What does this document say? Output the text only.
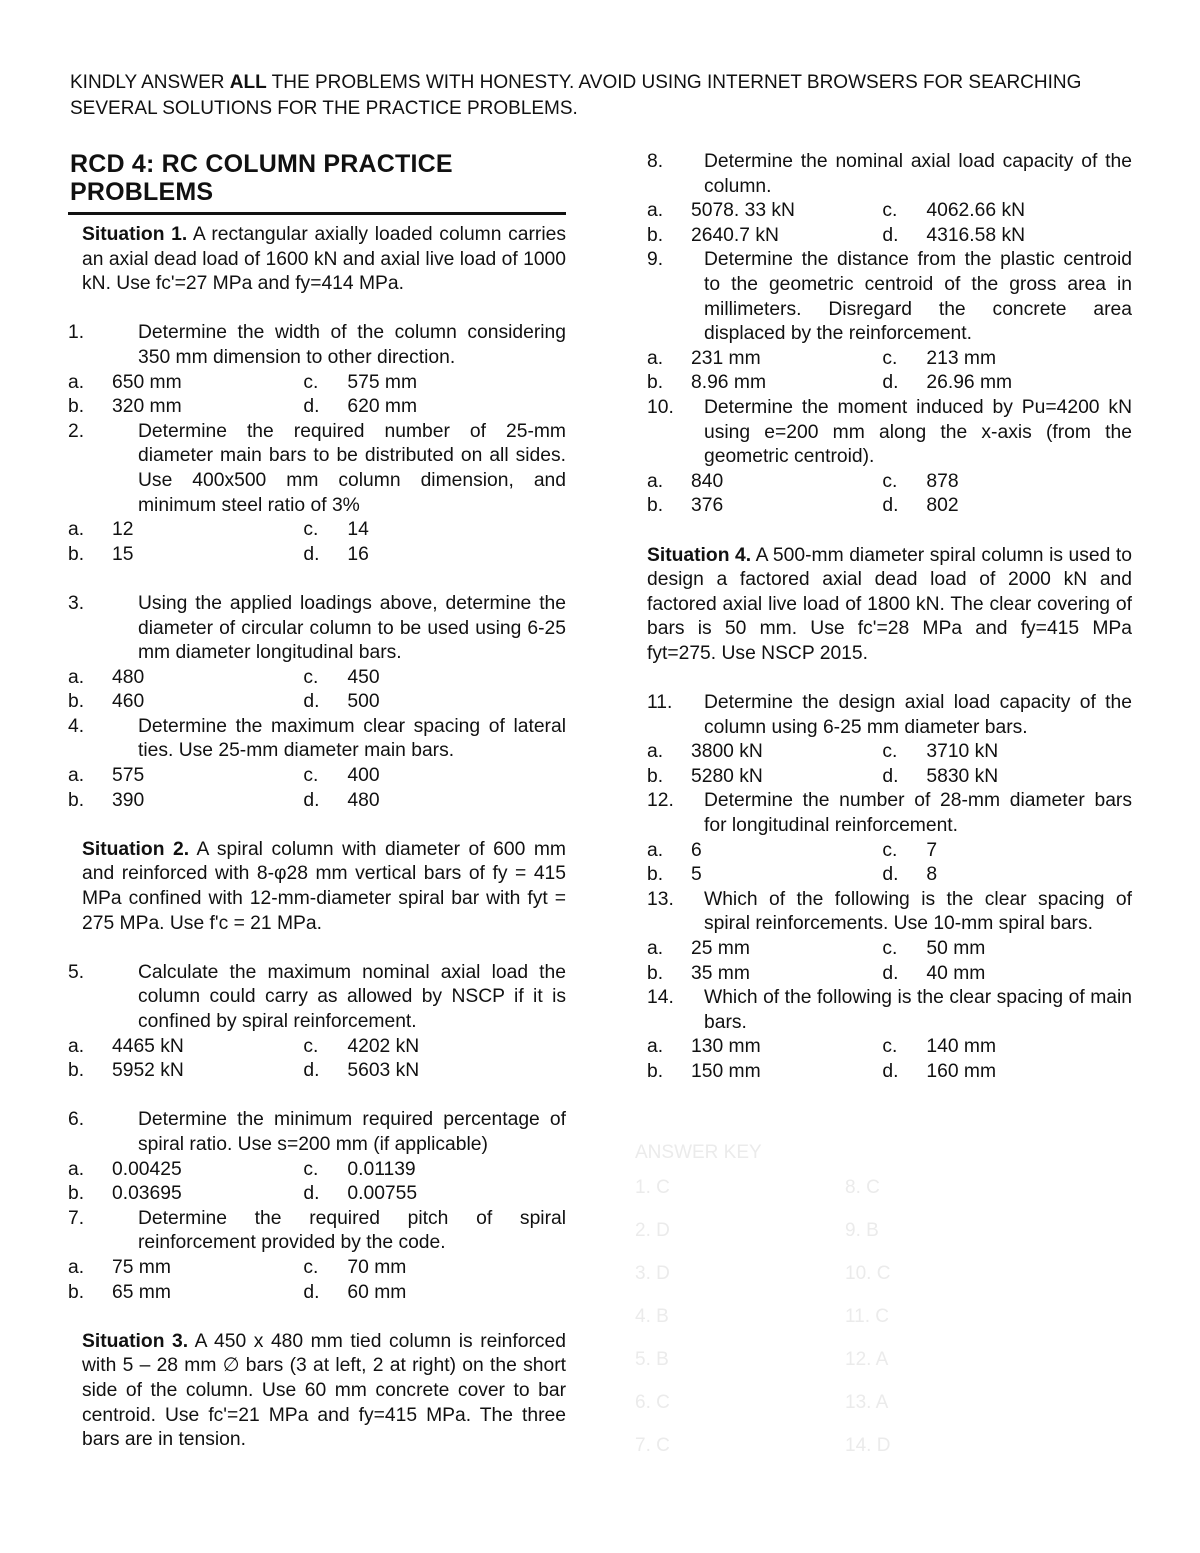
KINDLY ANSWER ALL THE PROBLEMS WITH HONESTY. AVOID USING INTERNET BROWSERS FOR SEARCHING
SEVERAL SOLUTIONS FOR THE PRACTICE PROBLEMS.
RCD 4: RC COLUMN PRACTICE PROBLEMS

Situation 1. A rectangular axially loaded column carries an axial dead load of 1600 kN and axial live load of 1000 kN. Use fc'=27 MPa and fy=414 MPa.

1.	Determine the width of the column considering 350 mm dimension to other direction.
a.	650 mm	c.	575 mm
b.	320 mm	d.	620 mm
2.	Determine the required number of 25-mm diameter main bars to be distributed on all sides. Use 400x500 mm column dimension, and minimum steel ratio of 3%
a.	12	c.	14
b.	15	d.	16
3.	Using the applied loadings above, determine the diameter of circular column to be used using 6-25 mm diameter longitudinal bars.
a.	480	c.	450
b.	460	d.	500
4.	Determine the maximum clear spacing of lateral ties. Use 25-mm diameter main bars.
a.	575	c.	400
b.	390	d.	480

Situation 2. A spiral column with diameter of 600 mm and reinforced with 8-φ28 mm vertical bars of fy = 415 MPa confined with 12-mm-diameter spiral bar with fyt = 275 MPa. Use f'c = 21 MPa.

5.	Calculate the maximum nominal axial load the column could carry as allowed by NSCP if it is confined by spiral reinforcement.
a.	4465 kN	c.	4202 kN
b.	5952 kN	d.	5603 kN
6.	Determine the minimum required percentage of spiral ratio. Use s=200 mm (if applicable)
a.	0.00425	c.	0.01139
b.	0.03695	d.	0.00755
7.	Determine the required pitch of spiral reinforcement provided by the code.
a.	75 mm	c.	70 mm
b.	65 mm	d.	60 mm

Situation 3. A 450 x 480 mm tied column is reinforced with 5 – 28 mm ∅ bars (3 at left, 2 at right) on the short side of the column. Use 60 mm concrete cover to bar centroid. Use fc'=21 MPa and fy=415 MPa. The three bars are in tension.

8. Determine the nominal axial load capacity of the column.
a.	5078. 33 kN	c.	4062.66 kN
b.	2640.7 kN	d.	4316.58 kN
9. Determine the distance from the plastic centroid to the geometric centroid of the gross area in millimeters. Disregard the concrete area displaced by the reinforcement.
a.	231 mm	c.	213 mm
b.	8.96 mm	d.	26.96 mm
10. Determine the moment induced by Pu=4200 kN using e=200 mm along the x-axis (from the geometric centroid).
a.	840	c.	878
b.	376	d.	802

Situation 4. A 500-mm diameter spiral column is used to design a factored axial dead load of 2000 kN and factored axial live load of 1800 kN. The clear covering of bars is 50 mm. Use fc'=28 MPa and fy=415 MPa fyt=275. Use NSCP 2015.

11. Determine the design axial load capacity of the column using 6-25 mm diameter bars.
a.	3800 kN	c.	3710 kN
b.	5280 kN	d.	5830 kN
12. Determine the number of 28-mm diameter bars for longitudinal reinforcement.
a.	6	c.	7
b.	5	d.	8
13. Which of the following is the clear spacing of spiral reinforcements. Use 10-mm spiral bars.
a.	25 mm	c.	50 mm
b.	35 mm	d.	40 mm
14. Which of the following is the clear spacing of main bars.
a.	130 mm	c.	140 mm
b.	150 mm	d.	160 mm
ANSWER KEY
1. C	8. C
2. D	9. B
3. D	10. C
4. B	11. C
5. B	12. A
6. C	13. A
7. C	14. D
